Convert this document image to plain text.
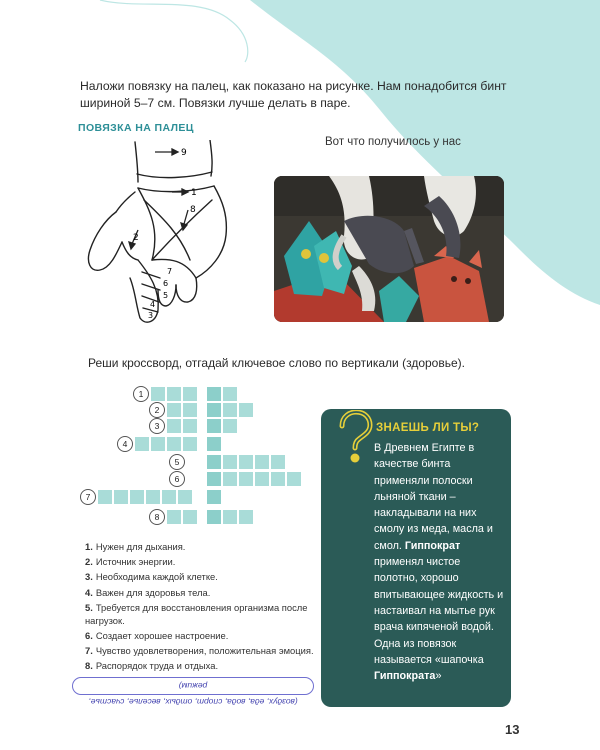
Наложи повязку на палец, как показано на рисунке. Нам понадобится бинт шириной 5–7 см. Повязки лучше делать в паре.

ПОВЯЗКА НА ПАЛЕЦ
9
1
8
2
7
6
5
4
3
Вот что получилось у нас
Реши кроссворд, отгадай ключевое слово по вертикали (здоровье).
1
2
3
4
5
6
7
8
1. Нужен для дыхания.
2. Источник энергии.
3. Необходима каждой клетке.
4. Важен для здоровья тела.
5. Требуется для восстановления организма после нагрузок.
6. Создает хорошее настроение.
7. Чувство удовлетворения, положительная эмоция.
8. Распорядок труда и отдыха.
(воздух, еда, вода, спорт, отдых, веселье, счастье, режим)
ЗНАЕШЬ ЛИ ТЫ?

В Древнем Египте в качестве бинта применяли полоски льняной ткани – накладывали на них смолу из меда, масла и смол. Гиппократ применял чистое полотно, хорошо впитывающее жидкость и настаивал на мытье рук врача кипяченой водой. Одна из повязок называется «шапочка Гиппократа»

13
